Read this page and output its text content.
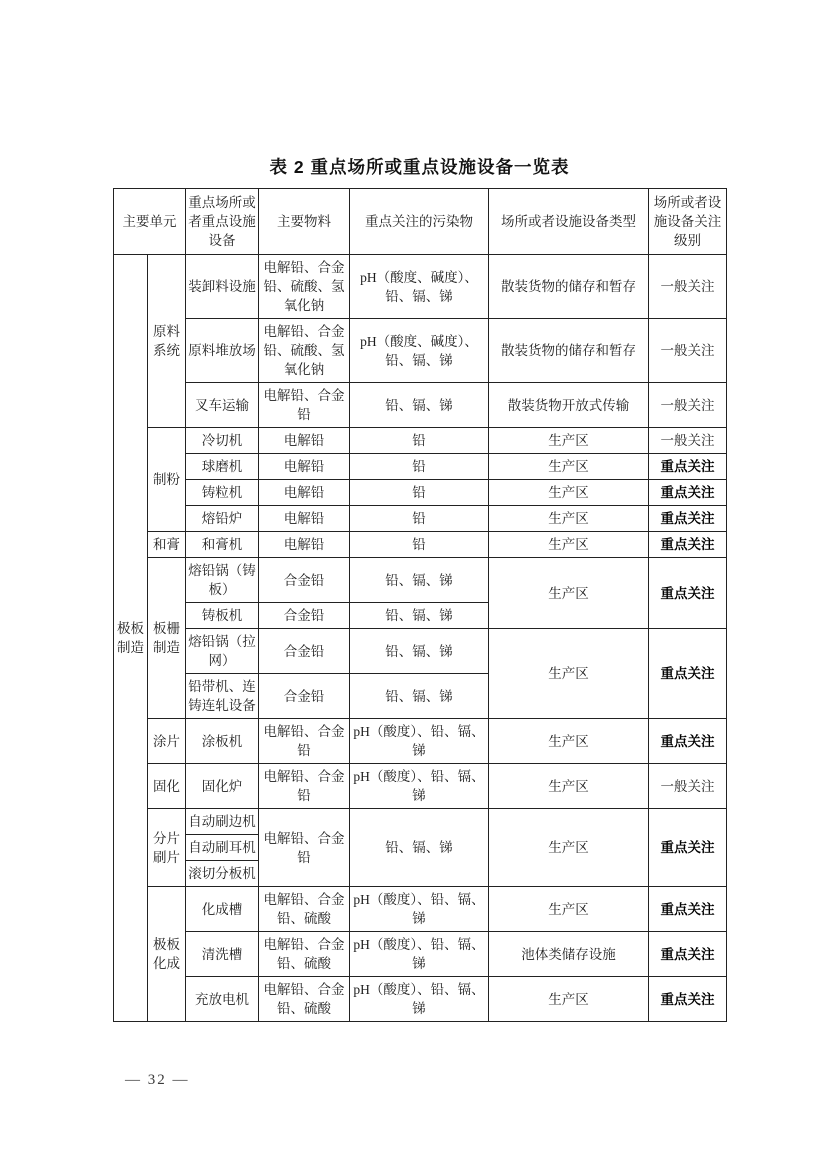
表 2 重点场所或重点设施设备一览表
主要单元		重点场所或者重点设施设备	主要物料	重点关注的污染物	场所或者设施设备类型	场所或者设施设备关注级别
极板制造	原料系统	装卸料设施	电解铅、合金铅、硫酸、氢氧化钠	pH（酸度、碱度）、铅、镉、锑	散装货物的储存和暂存	一般关注
		原料堆放场	电解铅、合金铅、硫酸、氢氧化钠	pH（酸度、碱度）、铅、镉、锑	散装货物的储存和暂存	一般关注
		叉车运输	电解铅、合金铅	铅、镉、锑	散装货物开放式传输	一般关注
	制粉	冷切机	电解铅	铅	生产区	一般关注
		球磨机	电解铅	铅	生产区	重点关注
		铸粒机	电解铅	铅	生产区	重点关注
		熔铅炉	电解铅	铅	生产区	重点关注
	和膏	和膏机	电解铅	铅	生产区	重点关注
	板栅制造	熔铅锅（铸板）	合金铅	铅、镉、锑	生产区	重点关注
		铸板机	合金铅	铅、镉、锑		
		熔铅锅（拉网）	合金铅	铅、镉、锑	生产区	重点关注
		铅带机、连铸连轧设备	合金铅	铅、镉、锑		
	涂片	涂板机	电解铅、合金铅	pH（酸度）、铅、镉、锑	生产区	重点关注
	固化	固化炉	电解铅、合金铅	pH（酸度）、铅、镉、锑	生产区	一般关注
	分片刷片	自动刷边机	电解铅、合金铅	铅、镉、锑	生产区	重点关注
		自动刷耳机				
		滚切分板机				
	极板化成	化成槽	电解铅、合金铅、硫酸	pH（酸度）、铅、镉、锑	生产区	重点关注
		清洗槽	电解铅、合金铅、硫酸	pH（酸度）、铅、镉、锑	池体类储存设施	重点关注
		充放电机	电解铅、合金铅、硫酸	pH（酸度）、铅、镉、锑	生产区	重点关注
— 32 —
